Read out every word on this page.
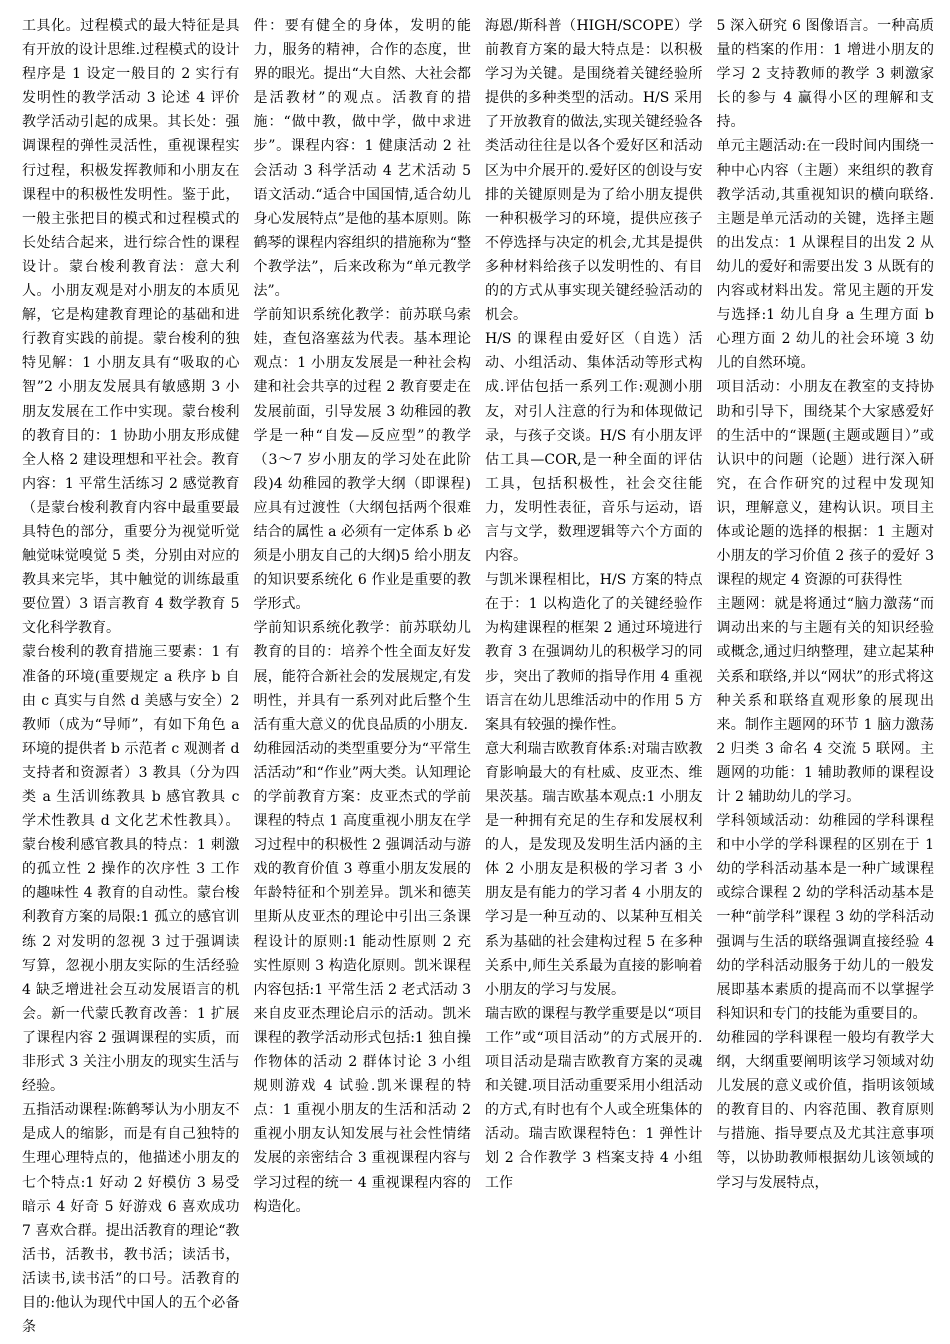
工具化。过程模式的最大特征是具有开放的设计思维.过程模式的设计程序是 1 设定一般目的 2 实行有发明性的教学活动 3 论述 4 评价教学活动引起的成果。其长处：强调课程的弹性灵活性，重视课程实行过程，积极发挥教师和小朋友在课程中的积极性发明性。鉴于此，一般主张把目的模式和过程模式的长处结合起来，进行综合性的课程设计。蒙台梭利教育法：意大利人。小朋友观是对小朋友的本质见解，它是构建教育理论的基础和进行教育实践的前提。蒙台梭利的独特见解：1 小朋友具有“吸取的心智”2 小朋友发展具有敏感期 3 小朋友发展在工作中实现。蒙台梭利的教育目的：1 协助小朋友形成健全人格 2 建设理想和平社会。教育内容：1 平常生活练习 2 感觉教育（是蒙台梭利教育内容中最重要最具特色的部分，重要分为视觉听觉触觉味觉嗅觉 5 类，分别由对应的教具来完毕，其中触觉的训练最重要位置）3 语言教育 4 数学教育 5 文化科学教育。

蒙台梭利的教育措施三要素：1 有准备的环境(重要规定 a 秩序 b 自由 c 真实与自然 d 美感与安全）2 教师（成为“导师”，有如下角色 a 环境的提供者 b 示范者 c 观测者 d 支持者和资源者）3 教具（分为四类 a 生活训练教具 b 感官教具 c 学术性教具 d 文化艺术性教具）。蒙台梭利感官教具的特点：1 刺激的孤立性 2 操作的次序性 3 工作的趣味性 4 教育的自动性。蒙台梭利教育方案的局限:1 孤立的感官训练 2 对发明的忽视 3 过于强调读写算，忽视小朋友实际的生活经验 4 缺乏增进社会互动发展语言的机会。新一代蒙氏教育改善：1 扩展了课程内容 2 强调课程的实质，而非形式 3 关注小朋友的现实生活与经验。

五指活动课程:陈鹤琴认为小朋友不是成人的缩影，而是有自己独特的生理心理特点的，他描述小朋友的七个特点:1 好动 2 好模仿 3 易受暗示 4 好奇 5 好游戏 6 喜欢成功 7 喜欢合群。提出活教育的理论“教活书，活教书，教书活；读活书，活读书,读书活”的口号。活教育的目的:他认为现代中国人的五个必备条

件：要有健全的身体，发明的能力，服务的精神，合作的态度，世界的眼光。提出“大自然、大社会都是活教材”的观点。活教育的措施：“做中教，做中学，做中求进步”。课程内容：1 健康活动 2 社会活动 3 科学活动 4 艺术活动 5 语文活动.“适合中国国情,适合幼儿身心发展特点”是他的基本原则。陈鹤琴的课程内容组织的措施称为“整个教学法”，后来改称为“单元教学法”。

学前知识系统化教学：前苏联乌索娃，查包洛塞兹为代表。基本理论观点：1 小朋友发展是一种社会构建和社会共享的过程 2 教育要走在发展前面，引导发展 3 幼稚园的教学是一种“自发—反应型”的教学（3～7 岁小朋友的学习处在此阶段)4 幼稚园的教学大纲（即课程)应具有过渡性（大纲包括两个很难结合的属性 a 必须有一定体系 b 必须是小朋友自己的大纲)5 给小朋友的知识要系统化 6 作业是重要的教学形式。

学前知识系统化教学：前苏联幼儿教育的目的：培养个性全面友好发展，能符合新社会的发展规定,有发明性，并具有一系列对此后整个生活有重大意义的优良品质的小朋友.

幼稚园活动的类型重要分为“平常生活活动”和“作业”两大类。认知理论的学前教育方案：皮亚杰式的学前课程的特点 1 高度重视小朋友在学习过程中的积极性 2 强调活动与游戏的教育价值 3 尊重小朋友发展的年龄特征和个别差异。凯米和德芙里斯从皮亚杰的理论中引出三条课程设计的原则:1 能动性原则 2 充实性原则 3 构造化原则。凯米课程内容包括:1 平常生活 2 老式活动 3 来自皮亚杰理论启示的活动。凯米课程的教学活动形式包括:1 独自操作物体的活动 2 群体讨论 3 小组规则游戏 4 试验.凯米课程的特点：1 重视小朋友的生活和活动 2 重视小朋友认知发展与社会性情绪发展的亲密结合 3 重视课程内容与学习过程的统一 4 重视课程内容的构造化。

海恩/斯科普（HIGH/SCOPE）学前教育方案的最大特点是：以积极学习为关键。是围绕着关键经验所提供的多种类型的活动。H/S 采用了开放教育的做法,实现关键经验各类活动往往是以各个爱好区和活动区为中介展开的.爱好区的创设与安排的关键原则是为了给小朋友提供一种积极学习的环境，提供应孩子不停选择与决定的机会,尤其是提供多种材料给孩子以发明性的、有目的的方式从事实现关键经验活动的机会。

H/S 的课程由爱好区（自选）活动、小组活动、集体活动等形式构成.评估包括一系列工作:观测小朋友，对引人注意的行为和体现做记录，与孩子交谈。H/S 有小朋友评估工具—COR,是一种全面的评估工具，包括积极性，社会交往能力，发明性表征，音乐与运动，语言与文学，数理逻辑等六个方面的内容。

与凯米课程相比，H/S 方案的特点在于：1 以构造化了的关键经验作为构建课程的框架 2 通过环境进行教育 3 在强调幼儿的积极学习的同步，突出了教师的指导作用 4 重视语言在幼儿思维活动中的作用 5 方案具有较强的操作性。

意大利瑞吉欧教育体系:对瑞吉欧教育影响最大的有杜威、皮亚杰、维果茨基。瑞吉欧基本观点:1 小朋友是一种拥有充足的生存和发展权利的人，是发现及发明生活内涵的主体 2 小朋友是积极的学习者 3 小朋友是有能力的学习者 4 小朋友的学习是一种互动的、以某种互相关系为基础的社会建构过程 5 在多种关系中,师生关系最为直接的影响着小朋友的学习与发展。

瑞吉欧的课程与教学重要是以“项目工作”或“项目活动”的方式展开的.项目活动是瑞吉欧教育方案的灵魂和关键.项目活动重要采用小组活动的方式,有时也有个人或全班集体的活动。瑞吉欧课程特色：1 弹性计划 2 合作教学 3 档案支持 4 小组工作

5 深入研究 6 图像语言。一种高质量的档案的作用：1 增进小朋友的学习 2 支持教师的教学 3 刺激家长的参与 4 赢得小区的理解和支持。

单元主题活动:在一段时间内围绕一种中心内容（主题）来组织的教育教学活动,其重视知识的横向联络.主题是单元活动的关键，选择主题的出发点：1 从课程目的出发 2 从幼儿的爱好和需要出发 3 从既有的内容或材料出发。常见主题的开发与选择:1 幼儿自身 a 生理方面 b 心理方面 2 幼儿的社会环境 3 幼儿的自然环境。

项目活动：小朋友在教室的支持协助和引导下，围绕某个大家感爱好的生活中的“课题(主题或题目）”或认识中的问题（论题）进行深入研究，在合作研究的过程中发现知识，理解意义，建构认识。项目主体或论题的选择的根据：1 主题对小朋友的学习价值 2 孩子的爱好 3 课程的规定 4 资源的可获得性

主题网：就是将通过“脑力激荡“而调动出来的与主题有关的知识经验或概念,通过归纳整理，建立起某种关系和联络,并以“网状”的形式将这种关系和联络直观形象的展现出来。制作主题网的环节 1 脑力激荡 2 归类 3 命名 4 交流 5 联网。主题网的功能：1 辅助教师的课程设计 2 辅助幼儿的学习。

学科领域活动：幼稚园的学科课程和中小学的学科课程的区别在于 1 幼的学科活动基本是一种广域课程或综合课程 2 幼的学科活动基本是一种“前学科”课程 3 幼的学科活动强调与生活的联络强调直接经验 4 幼的学科活动服务于幼儿的一般发展即基本素质的提高而不以掌握学科知识和专门的技能为重要目的。

幼稚园的学科课程一般均有教学大纲，大纲重要阐明该学习领域对幼儿发展的意义或价值，指明该领域的教育目的、内容范围、教育原则与措施、指导要点及尤其注意事项等，以协助教师根据幼儿该领域的学习与发展特点，
